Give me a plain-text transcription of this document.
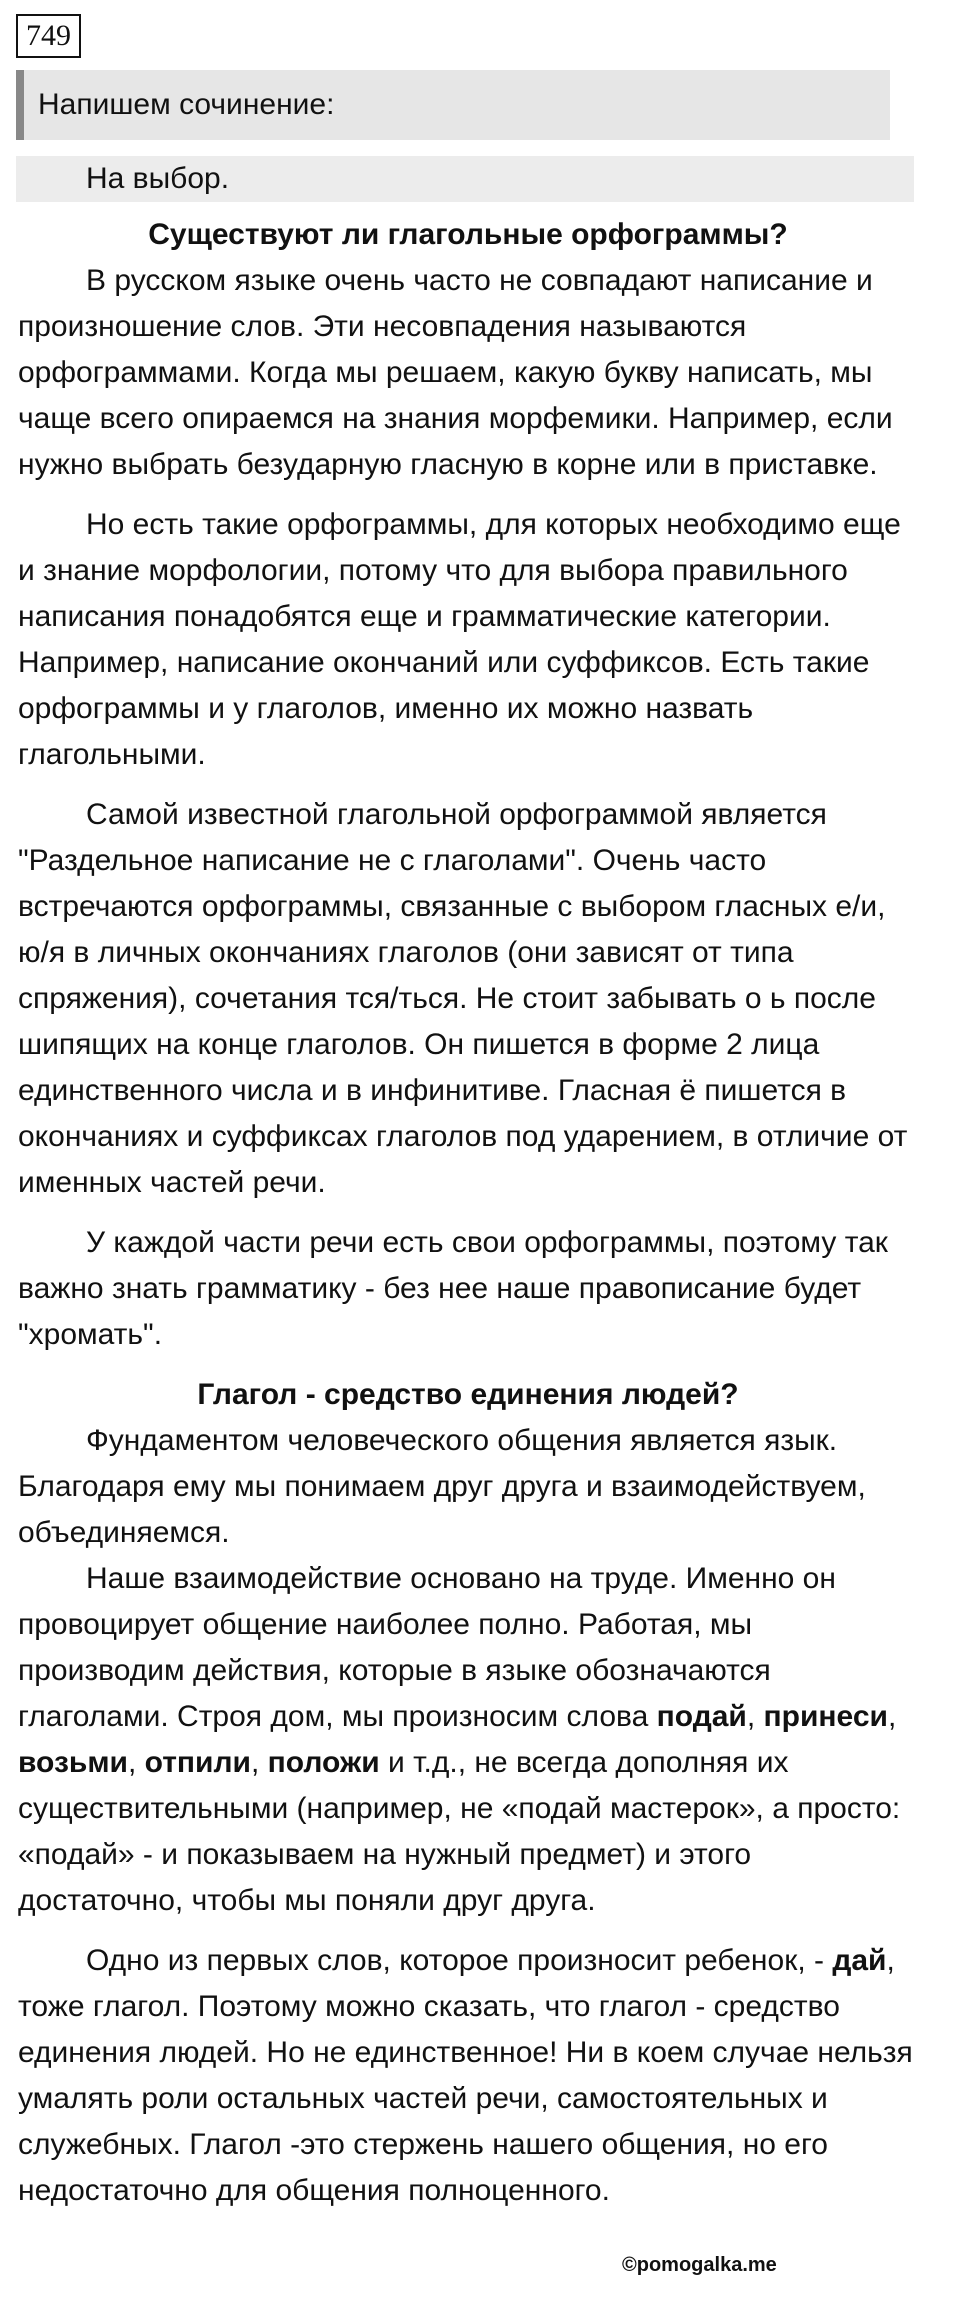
749
Напишем сочинение:
На выбор.
Существуют ли глагольные орфограммы?

В русском языке очень часто не совпадают написание и произношение слов. Эти несовпадения называются орфограммами. Когда мы решаем, какую букву написать, мы чаще всего опираемся на знания морфемики. Например, если нужно выбрать безударную гласную в корне или в приставке.

Но есть такие орфограммы, для которых необходимо еще и знание морфологии, потому что для выбора правильного написания понадобятся еще и грамматические категории. Например, написание окончаний или суффиксов. Есть такие орфограммы и у глаголов, именно их можно назвать глагольными.

Самой известной глагольной орфограммой является "Раздельное написание не с глаголами". Очень часто встречаются орфограммы, связанные с выбором гласных е/и, ю/я в личных окончаниях глаголов (они зависят от типа спряжения), сочетания тся/ться. Не стоит забывать о ь после шипящих на конце глаголов. Он пишется в форме 2 лица единственного числа и в инфинитиве. Гласная ё пишется в окончаниях и суффиксах глаголов под ударением, в отличие от именных частей речи.

У каждой части речи есть свои орфограммы, поэтому так важно знать грамматику - без нее наше правописание будет "хромать".

Глагол - средство единения людей?

Фундаментом человеческого общения является язык. Благодаря ему мы понимаем друг друга и взаимодействуем, объединяемся.

Наше взаимодействие основано на труде. Именно он провоцирует общение наиболее полно. Работая, мы производим действия, которые в языке обозначаются глаголами. Строя дом, мы произносим слова подай, принеси, возьми, отпили, положи и т.д., не всегда дополняя их существительными (например, не «подай мастерок», а просто: «подай» - и показываем на нужный предмет) и этого достаточно, чтобы мы поняли друг друга.

Одно из первых слов, которое произносит ребенок, - дай, тоже глагол. Поэтому можно сказать, что глагол - средство единения людей. Но не единственное! Ни в коем случае нельзя умалять роли остальных частей речи, самостоятельных и служебных. Глагол -это стержень нашего общения, но его недостаточно для общения полноценного.

©pomogalka.me
